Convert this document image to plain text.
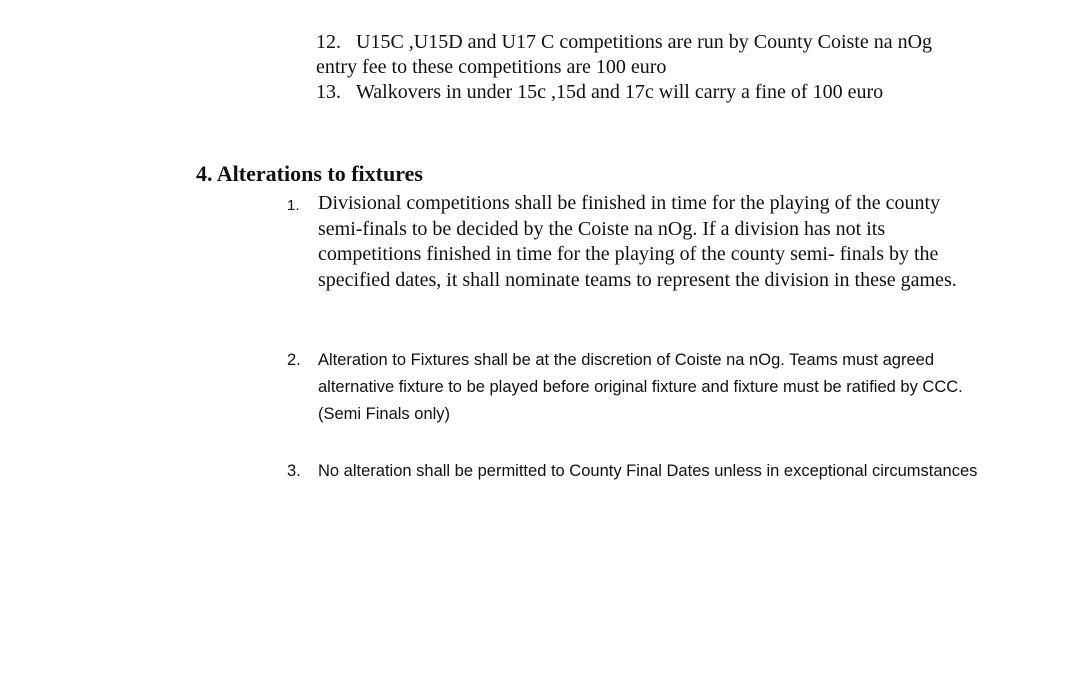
12. U15C ,U15D and U17 C competitions are run by County Coiste na nOg
entry fee to these competitions are 100 euro
13. Walkovers in under 15c ,15d and 17c will carry a fine of 100 euro
4. Alterations to fixtures
1. Divisional competitions shall be finished in time for the playing of the county semi-finals to be decided by the Coiste na nOg. If a division has not its competitions finished in time for the playing of the county semi- finals by the specified dates, it shall nominate teams to represent the division in these games.
2. Alteration to Fixtures shall be at the discretion of Coiste na nOg. Teams must agreed alternative fixture to be played before original fixture and fixture must be ratified by CCC. (Semi Finals only)
3. No alteration shall be permitted to County Final Dates unless in exceptional circumstances
